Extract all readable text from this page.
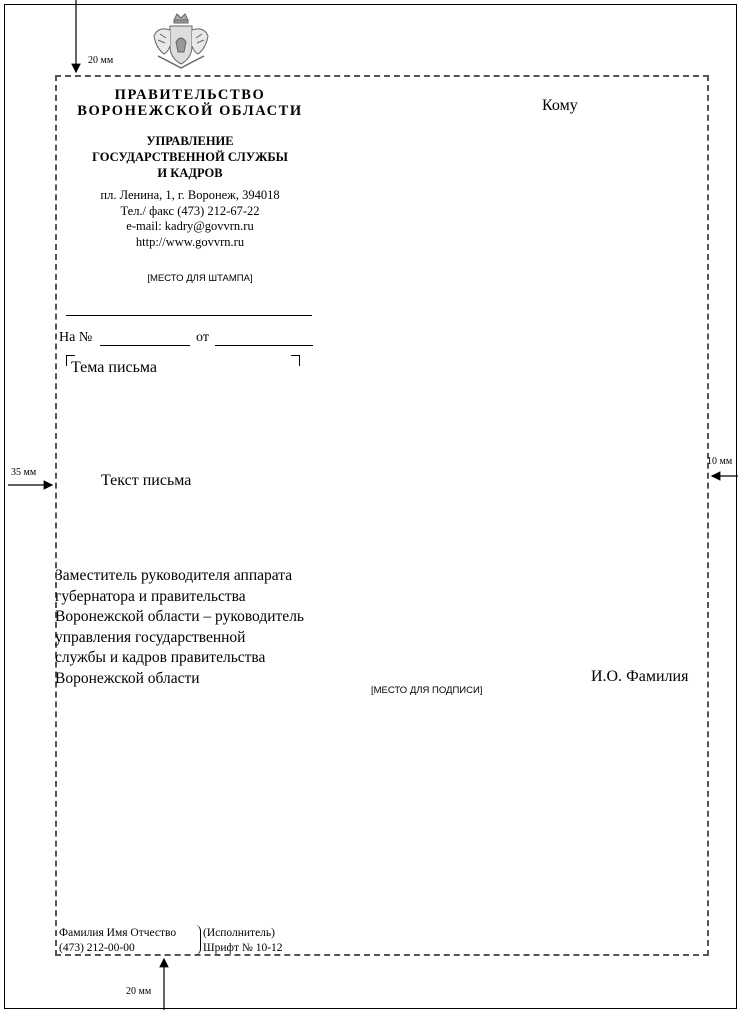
20 мм
35 мм
10 мм
20 мм
ПРАВИТЕЛЬСТВО
ВОРОНЕЖСКОЙ ОБЛАСТИ
УПРАВЛЕНИЕ
ГОСУДАРСТВЕННОЙ СЛУЖБЫ
И КАДРОВ
пл. Ленина, 1, г. Воронеж, 394018
Тел./ факс (473) 212-67-22
e-mail: kadry@govvrn.ru
http://www.govvrn.ru
[МЕСТО ДЛЯ ШТАМПА]
Кому
На №	от
Тема письма
Текст письма
Заместитель руководителя аппарата
губернатора и правительства
Воронежской области – руководитель
управления государственной
службы и кадров правительства
Воронежской области
[МЕСТО ДЛЯ ПОДПИСИ]
И.О. Фамилия
Фамилия Имя Отчество
(473) 212-00-00
(Исполнитель)
Шрифт № 10-12
